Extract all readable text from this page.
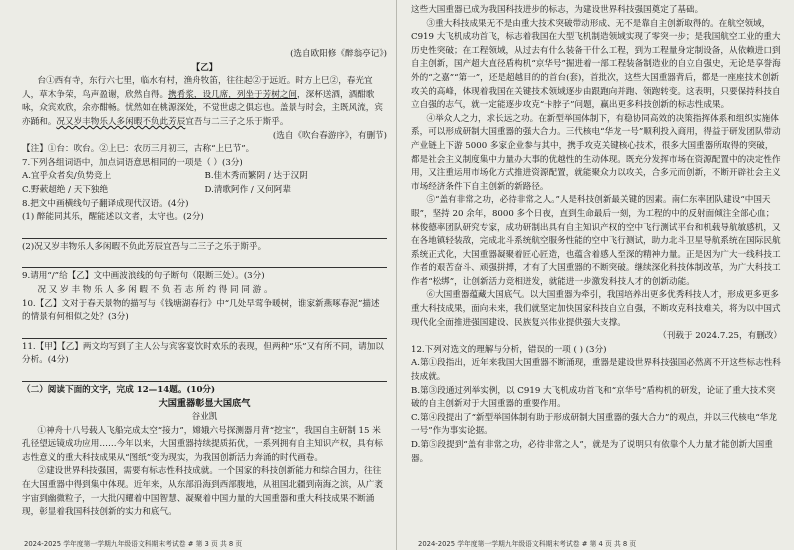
(选自欧阳修《醉翁亭记》)

【乙】

台①西有寺，东行六七里，临水有村，渔舟牧笛，往往起②于远近。时方上巳②，春光宜人，草木争荣，鸟声盈谢，欣然自得。携肴浆，设几席，列坐于芳树之间，深杯送酒，酒酣歌咏，众宾欢欣，余亦酣畅。忧然如在桃源深处，不觉世虑之俱忘也。盖景与时会，主既风流，宾亦踊和。况又岁丰物乐人多闲暇不负此芳辰宜吾与二三子之乐于斯乎。

(选自《吹台春游序》，有删节)

【注】①台：吹台。②上巳：农历三月初三，古称“上巳节”。

7.下列各组词语中，加点词语意思相同的一项是（ ）(3分)

A.宜乎众者矣/负势竞上	B.佳木秀而繁阴 / 达于汉阴
C.野蔌超绝 / 天下独绝	D.清歌阿作 / 又何阿辈

8.把文中画横线句子翻译成现代汉语。(4分)

(1) 醉能同其乐，醒能述以文者，太守也。(2分)

(2)况又岁丰物乐人多闲暇不负此芳辰宜吾与二三子之乐于斯乎。

9.请用“/”给【乙】文中画波浪线的句子断句（限断三处）。(3分)

况 又 岁 丰 物 乐 人 多 闲 暇 不 负 若 志 所 约 得 同 同 游 。

10.【乙】文对于春天景物的描写与《钱塘湖春行》中“几处早莺争暖树，谁家新燕啄春泥”描述的情景有何相似之处？(3分)

11.【甲】【乙】两文均写到了主人公与宾客宴饮时欢乐的表现，但两种“乐”又有所不同，请加以分析。(4分)

（二）阅读下面的文字，完成 12—14题。(10分)

大国重器彰显大国底气

谷业凯

①神舟十八号载人飞船完成太空“接力”，嫦娥六号探测器月背“挖宝”，我国自主研制 15 米孔径望远镜成功应用……今年以来，大国重器持续提质拓优，一系列拥有自主知识产权，具有标志性意义的重大科技成果从“图纸”变为现实，为我国创新活力奔涌的时代画卷。

②建设世界科技强国，需要有标志性科技成就。一个国家的科技创新能力和综合国力，往往在大国重器中得到集中体现。近年来，从东部沿海到西部腹地，从祖国北疆到南海之滨，从广袤宇宙到幽微粒子，一大批闪耀着中国智慧、凝聚着中国力量的大国重器和重大科技成果不断涌现，彰显着我国科技创新的实力和底气。

这些大国重器已成为我国科技进步的标志，为建设世界科技强国奠定了基础。

③重大科技成果无不是由重大技术突破带动形成、无不是靠自主创新取得的。在航空领域，C919 大飞机成功首飞，标志着我国在大型飞机制造领域实现了零突一步；是我国航空工业的重大历史性突破；在工程领域，从过去有什么装备干什么工程，到为工程量身定制设备，从依赖进口到自主创新，国产超大直径盾构机“京华号”掘进着一部工程装备制造业的自立自强史，无论是享誉海外的“之嘉”“第一”，还是超越目的的首台(套)，首批次，这些大国重器背后，都是一座座技术创新攻关的高峰，体现着我国在关键技术领域逐步由跟跑向并跑、领跑转变。这表明，只要保持科技自立自强的志气，就一定能逐步攻克“卡脖子”问题，赢出更多科技创新的标志性成果。

④举众人之力，求长远之功。在新型举国体制下，有稳协同高效的决策指挥体系和组织实施体系，可以形成研制大国重器的强大合力。三代核电“华龙一号”顺利投入商用，得益于研发团队带动产业链上下游 5000 多家企业参与其中，携手攻克关键核心技术，很多大国重器所取得的突破，都是社会主义制度集中力量办大事的优越性的生动体现。既充分发挥市场在资源配置中的决定性作用，又注重运用市场化方式推进资源配置，就能聚众力以攻关，合多元而创新，不断开辟社会主义市场经济条件下自主创新的新路径。

⑤“盖有非常之功，必待非常之人。”人是科技创新最关键的因素。南仁东率团队建设“中国天眼”，坚持 20 余年，8000 多个日夜，直到生命最后一刻，为工程的中的反射面倾注全部心血；林俊德率团队研究专家，成功研制出具有自主知识产权的空中飞行测试平台和机载导航敏感机，又在各地镇轻装敌，完成北斗系统航空服务性能的空中飞行测试，助力北斗卫星导航系统在国际民航系统正式化，大国重器凝聚着匠心匠造，也蕴含着感人至深的精神力量。正是因为广大一线科技工作者的艰苦奋斗、顽强拼搏，才有了大国重器的不断突破。继续深化科技体制改革，为广大科技工作者“松绑”，让创新活力竞相迸发，就能进一步激发科技人才的创新动能。

⑥大国重器蕴藏大国底气。以大国重器为牵引，我国培养出更多优秀科技人才，形成更多更多重大科技成果，面向未来，我们就坚定加快国家科技自立自强，不断攻克科技难关，将为以中国式现代化全面推进强国建设、民族复兴伟业提供强大支撑。

（刊载于 2024.7.25，有删改）

12.下列对选文的理解与分析，错误的一项 ( ) (3分)

A.第①段指出，近年来我国大国重器不断涌现，重器是建设世界科技强国必然离不开这些标志性科技成就。

B.第③段通过列举实例，以 C919 大飞机成功首飞和“京华号”盾构机的研发，论证了重大技术突破的自主创新对于大国重器的重要作用。

C.第④段提出了“新型举国体制有助于形成研制大国重器的强大合力”的观点，并以三代核电“华龙一号”作为事实论据。

D.第⑤段提到“盖有非常之功，必待非常之人”，就是为了说明只有依靠个人力量才能创新大国重器。

2024-2025 学年度第一学期九年级语文科期末考试卷 # 第 3 页 共 8 页	2024-2025 学年度第一学期九年级语文科期末考试卷 # 第 4 页 共 8 页
